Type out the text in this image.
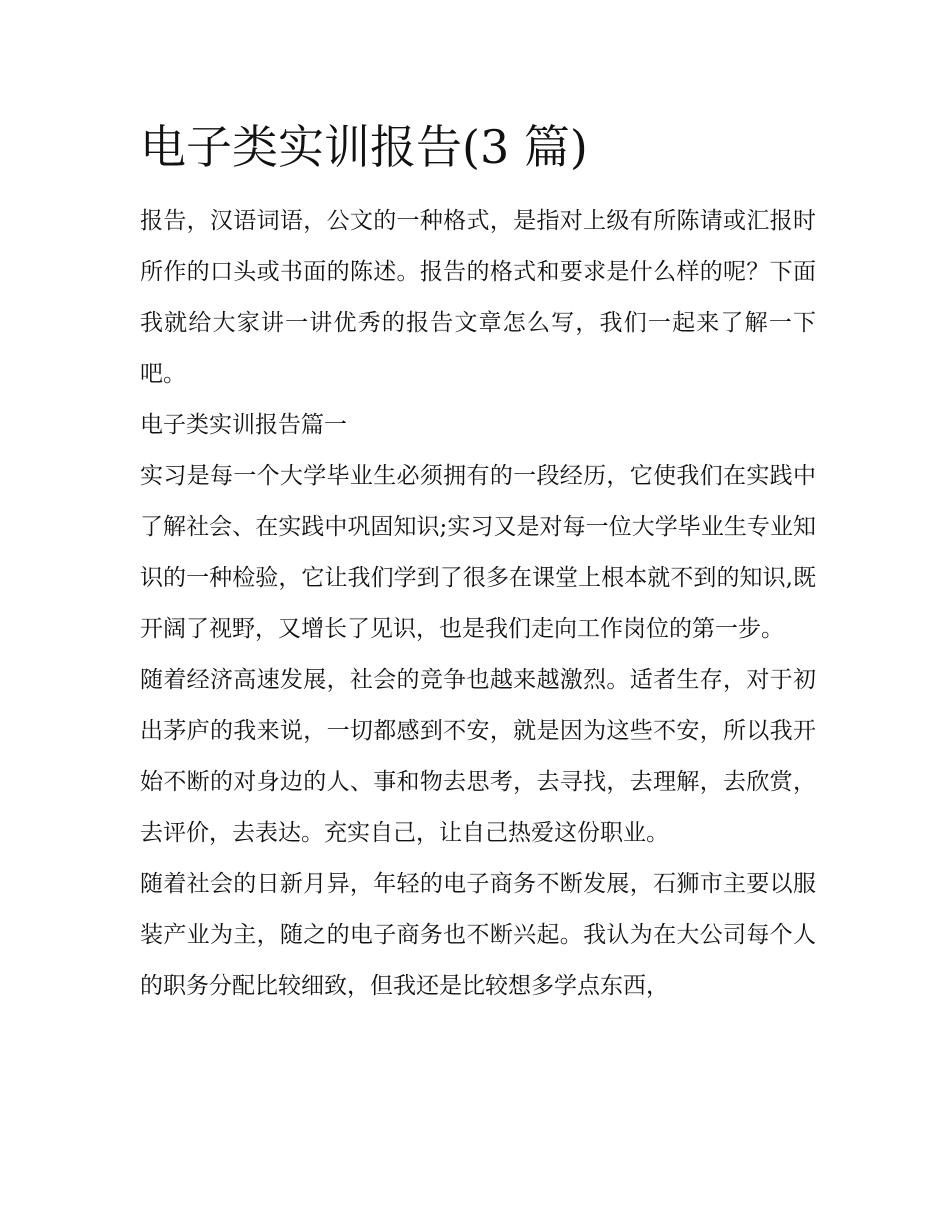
电子类实训报告(3 篇)

报告，汉语词语，公文的一种格式，是指对上级有所陈请或汇报时所作的口头或书面的陈述。报告的格式和要求是什么样的呢？下面我就给大家讲一讲优秀的报告文章怎么写，我们一起来了解一下吧。

电子类实训报告篇一

实习是每一个大学毕业生必须拥有的一段经历，它使我们在实践中了解社会、在实践中巩固知识;实习又是对每一位大学毕业生专业知识的一种检验，它让我们学到了很多在课堂上根本就不到的知识,既开阔了视野，又增长了见识，也是我们走向工作岗位的第一步。

随着经济高速发展，社会的竞争也越来越激烈。适者生存，对于初出茅庐的我来说，一切都感到不安，就是因为这些不安，所以我开始不断的对身边的人、事和物去思考，去寻找，去理解，去欣赏，去评价，去表达。充实自己，让自己热爱这份职业。

随着社会的日新月异，年轻的电子商务不断发展，石狮市主要以服装产业为主，随之的电子商务也不断兴起。我认为在大公司每个人的职务分配比较细致，但我还是比较想多学点东西，
